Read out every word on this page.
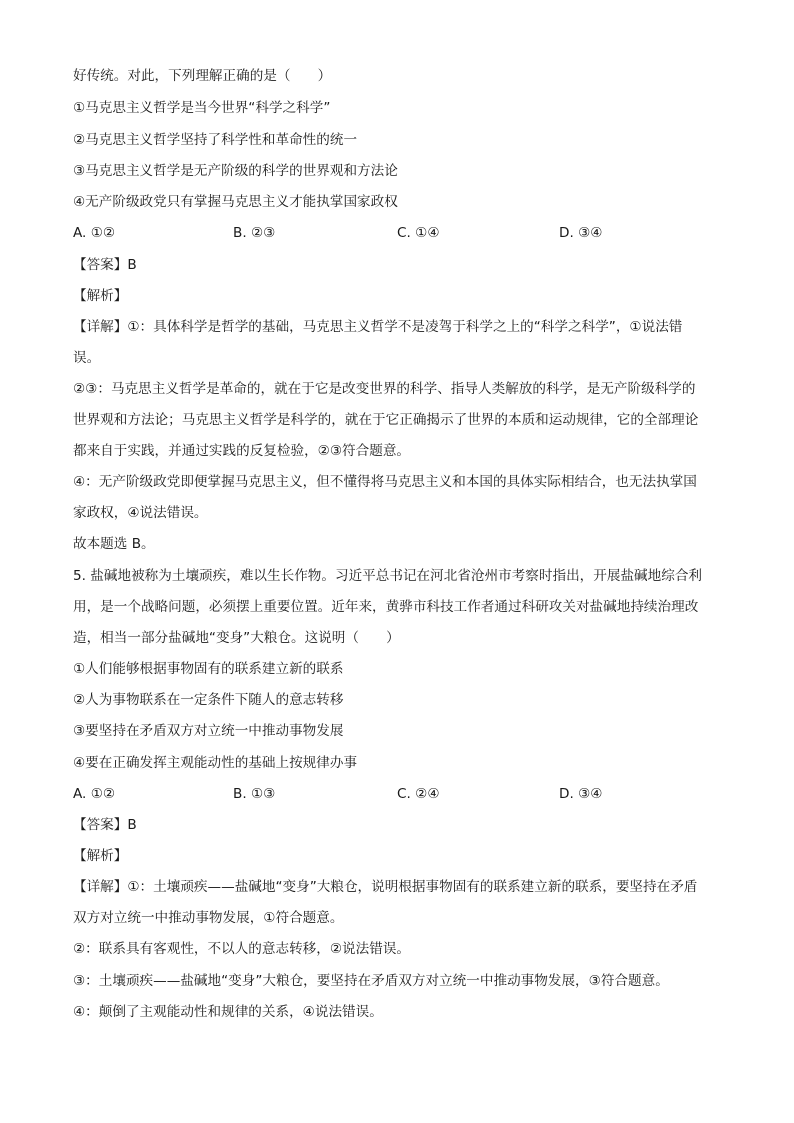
好传统。对此，下列理解正确的是（　　）

①马克思主义哲学是当今世界“科学之科学”

②马克思主义哲学坚持了科学性和革命性的统一

③马克思主义哲学是无产阶级的科学的世界观和方法论

④无产阶级政党只有掌握马克思主义才能执掌国家政权

A. ①②	B. ②③	C. ①④	D. ③④

【答案】B

【解析】

【详解】①：具体科学是哲学的基础，马克思主义哲学不是凌驾于科学之上的“科学之科学”，①说法错

误。

②③：马克思主义哲学是革命的，就在于它是改变世界的科学、指导人类解放的科学，是无产阶级科学的

世界观和方法论；马克思主义哲学是科学的，就在于它正确揭示了世界的本质和运动规律，它的全部理论

都来自于实践，并通过实践的反复检验，②③符合题意。

④：无产阶级政党即便掌握马克思主义，但不懂得将马克思主义和本国的具体实际相结合，也无法执掌国

家政权，④说法错误。

故本题选 B。

5. 盐碱地被称为土壤顽疾，难以生长作物。习近平总书记在河北省沧州市考察时指出，开展盐碱地综合利

用，是一个战略问题，必须摆上重要位置。近年来，黄骅市科技工作者通过科研攻关对盐碱地持续治理改

造，相当一部分盐碱地“变身”大粮仓。这说明（　　）

①人们能够根据事物固有的联系建立新的联系

②人为事物联系在一定条件下随人的意志转移

③要坚持在矛盾双方对立统一中推动事物发展

④要在正确发挥主观能动性的基础上按规律办事

A. ①②	B. ①③	C. ②④	D. ③④

【答案】B

【解析】

【详解】①：土壤顽疾——盐碱地“变身”大粮仓，说明根据事物固有的联系建立新的联系，要坚持在矛盾

双方对立统一中推动事物发展，①符合题意。

②：联系具有客观性，不以人的意志转移，②说法错误。

③：土壤顽疾——盐碱地“变身”大粮仓，要坚持在矛盾双方对立统一中推动事物发展，③符合题意。

④：颠倒了主观能动性和规律的关系，④说法错误。
